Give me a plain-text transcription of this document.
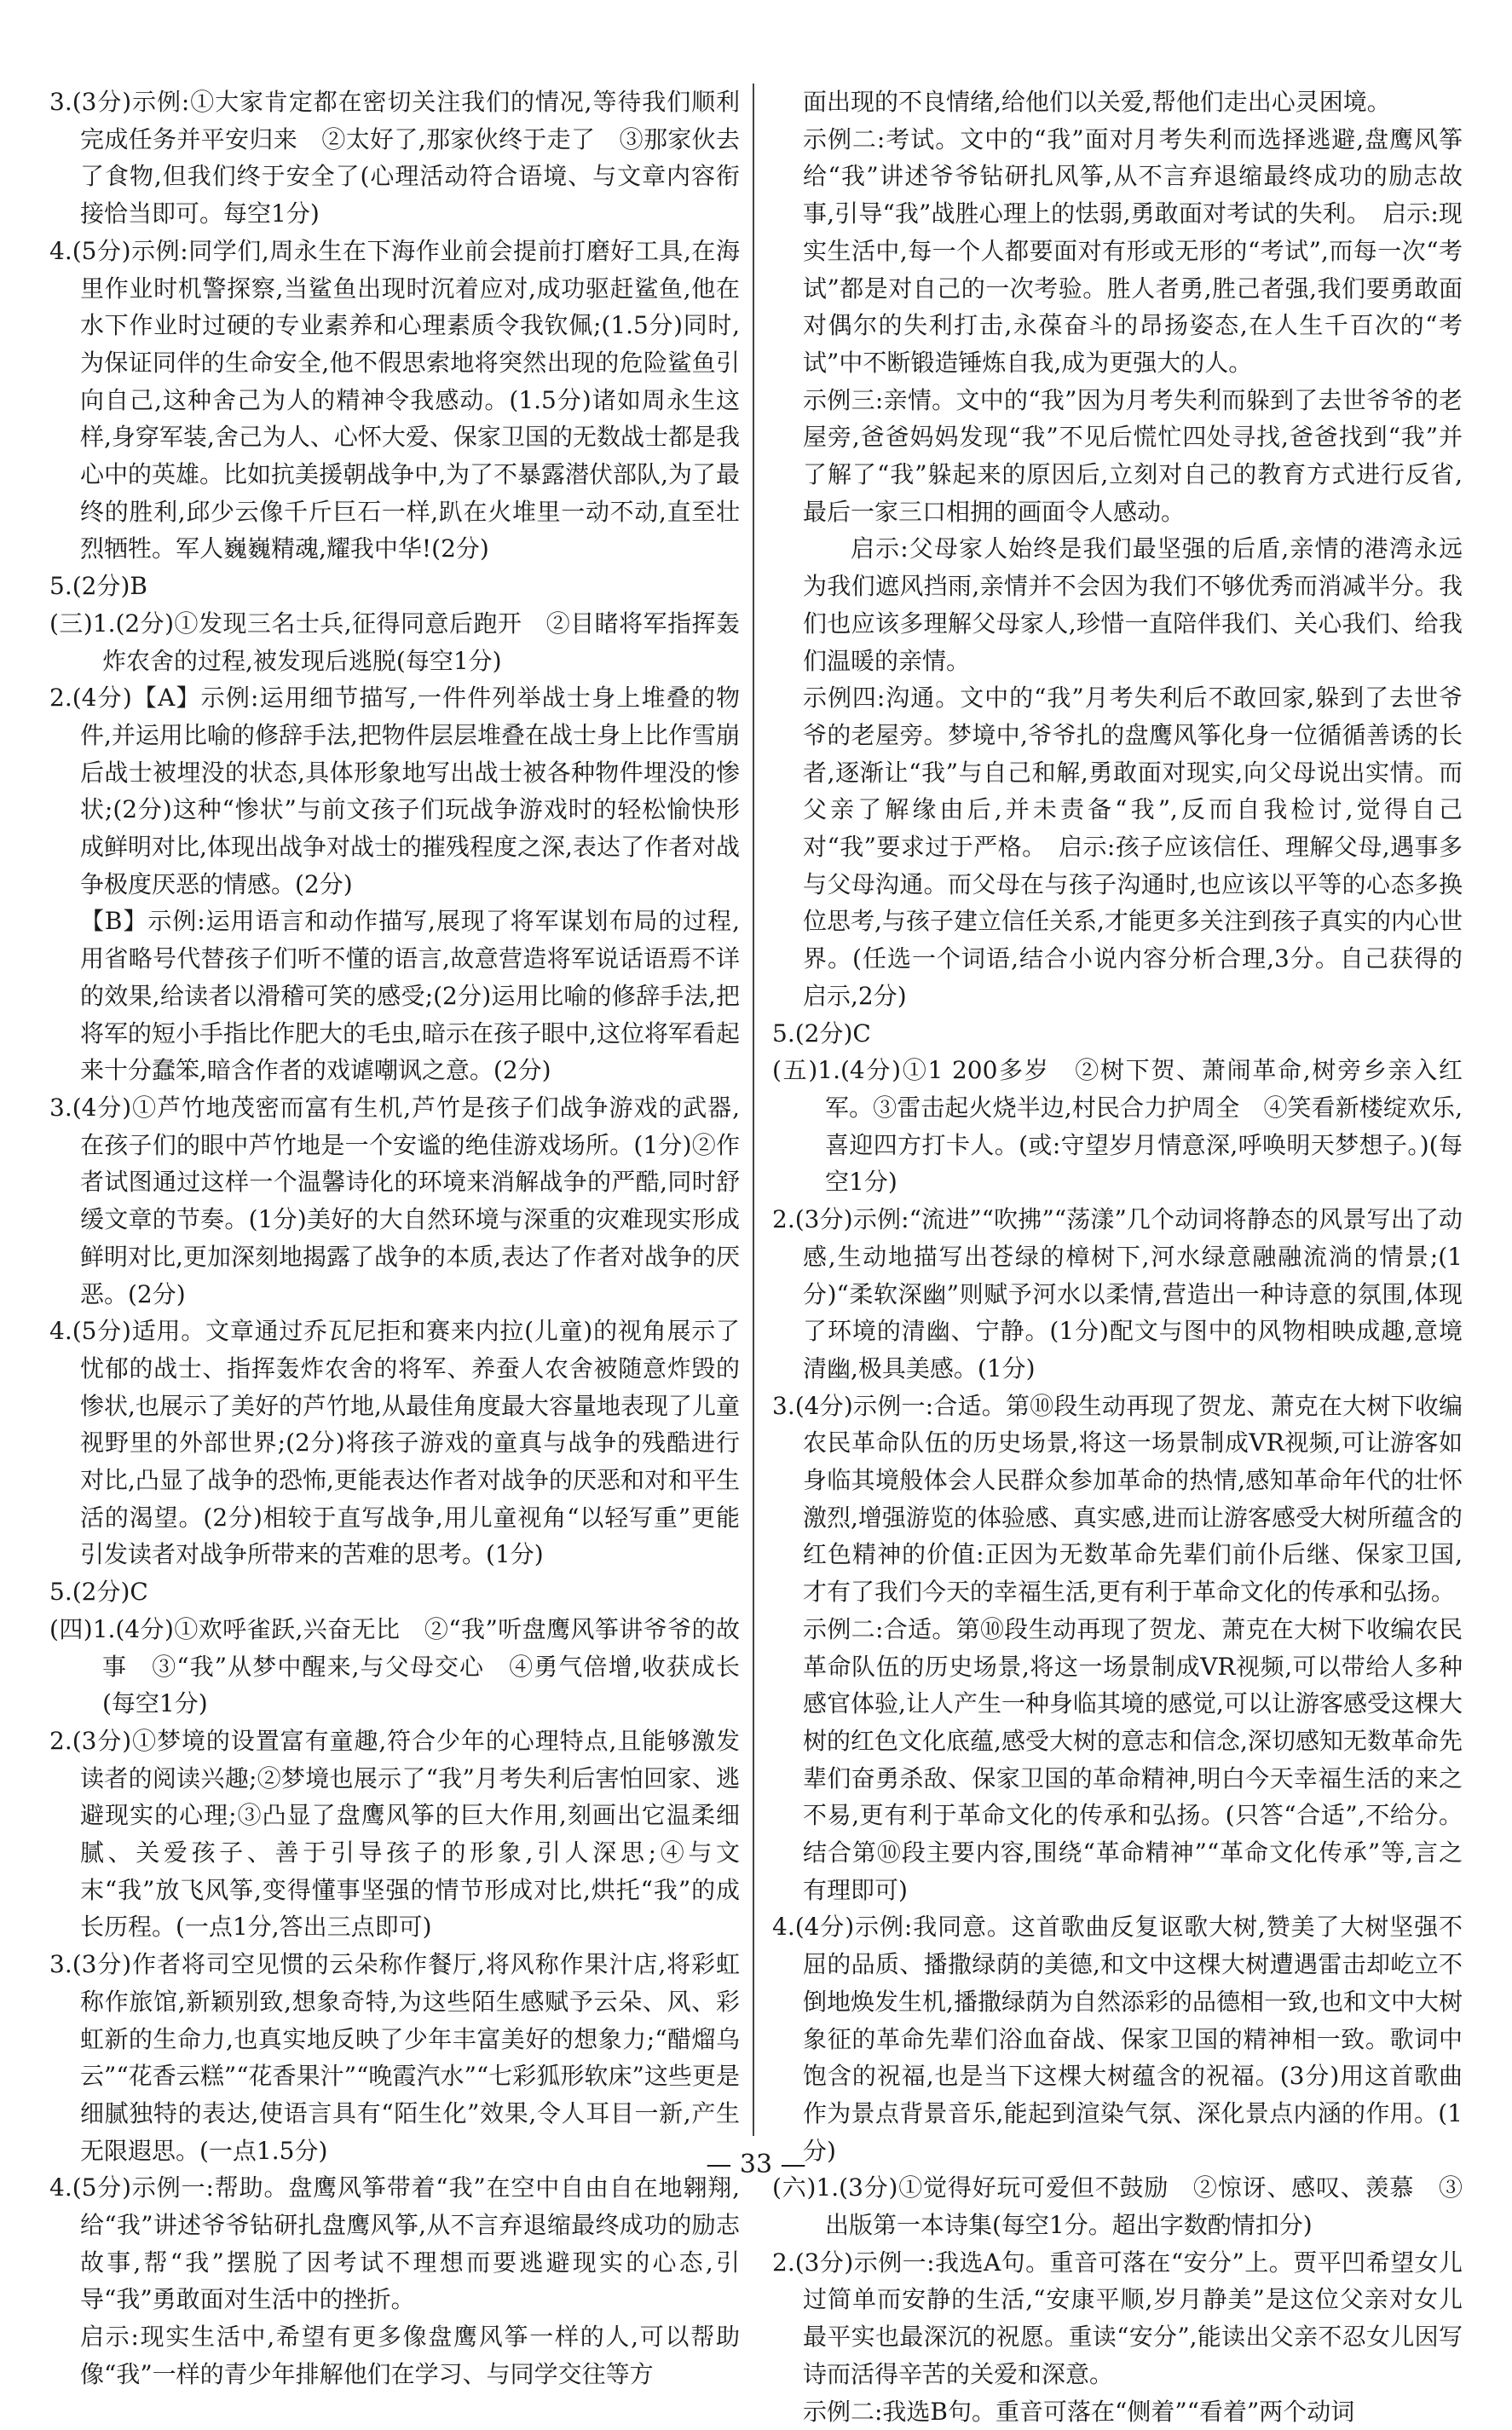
3.(3分)示例:①大家肯定都在密切关注我们的情况,等待我们顺利完成任务并平安归来　②太好了,那家伙终于走了　③那家伙去了食物,但我们终于安全了(心理活动符合语境、与文章内容衔接恰当即可。每空1分)

4.(5分)示例:同学们,周永生在下海作业前会提前打磨好工具,在海里作业时机警探察,当鲨鱼出现时沉着应对,成功驱赶鲨鱼,他在水下作业时过硬的专业素养和心理素质令我钦佩;(1.5分)同时,为保证同伴的生命安全,他不假思索地将突然出现的危险鲨鱼引向自己,这种舍己为人的精神令我感动。(1.5分)诸如周永生这样,身穿军装,舍己为人、心怀大爱、保家卫国的无数战士都是我心中的英雄。比如抗美援朝战争中,为了不暴露潜伏部队,为了最终的胜利,邱少云像千斤巨石一样,趴在火堆里一动不动,直至壮烈牺牲。军人巍巍精魂,耀我中华!(2分)

5.(2分)B

(三)1.(2分)①发现三名士兵,征得同意后跑开　②目睹将军指挥轰炸农舍的过程,被发现后逃脱(每空1分)

2.(4分)【A】示例:运用细节描写,一件件列举战士身上堆叠的物件,并运用比喻的修辞手法,把物件层层堆叠在战士身上比作雪崩后战士被埋没的状态,具体形象地写出战士被各种物件埋没的惨状;(2分)这种“惨状”与前文孩子们玩战争游戏时的轻松愉快形成鲜明对比,体现出战争对战士的摧残程度之深,表达了作者对战争极度厌恶的情感。(2分)

【B】示例:运用语言和动作描写,展现了将军谋划布局的过程,用省略号代替孩子们听不懂的语言,故意营造将军说话语焉不详的效果,给读者以滑稽可笑的感受;(2分)运用比喻的修辞手法,把将军的短小手指比作肥大的毛虫,暗示在孩子眼中,这位将军看起来十分蠢笨,暗含作者的戏谑嘲讽之意。(2分)

3.(4分)①芦竹地茂密而富有生机,芦竹是孩子们战争游戏的武器,在孩子们的眼中芦竹地是一个安谧的绝佳游戏场所。(1分)②作者试图通过这样一个温馨诗化的环境来消解战争的严酷,同时舒缓文章的节奏。(1分)美好的大自然环境与深重的灾难现实形成鲜明对比,更加深刻地揭露了战争的本质,表达了作者对战争的厌恶。(2分)

4.(5分)适用。文章通过乔瓦尼拒和赛来内拉(儿童)的视角展示了忧郁的战士、指挥轰炸农舍的将军、养蚕人农舍被随意炸毁的惨状,也展示了美好的芦竹地,从最佳角度最大容量地表现了儿童视野里的外部世界;(2分)将孩子游戏的童真与战争的残酷进行对比,凸显了战争的恐怖,更能表达作者对战争的厌恶和对和平生活的渴望。(2分)相较于直写战争,用儿童视角“以轻写重”更能引发读者对战争所带来的苦难的思考。(1分)

5.(2分)C

(四)1.(4分)①欢呼雀跃,兴奋无比　②“我”听盘鹰风筝讲爷爷的故事　③“我”从梦中醒来,与父母交心　④勇气倍增,收获成长(每空1分)

2.(3分)①梦境的设置富有童趣,符合少年的心理特点,且能够激发读者的阅读兴趣;②梦境也展示了“我”月考失利后害怕回家、逃避现实的心理;③凸显了盘鹰风筝的巨大作用,刻画出它温柔细腻、关爱孩子、善于引导孩子的形象,引人深思;④与文末“我”放飞风筝,变得懂事坚强的情节形成对比,烘托“我”的成长历程。(一点1分,答出三点即可)

3.(3分)作者将司空见惯的云朵称作餐厅,将风称作果汁店,将彩虹称作旅馆,新颖别致,想象奇特,为这些陌生感赋予云朵、风、彩虹新的生命力,也真实地反映了少年丰富美好的想象力;“醋熘乌云”“花香云糕”“花香果汁”“晚霞汽水”“七彩狐形软床”这些更是细腻独特的表达,使语言具有“陌生化”效果,令人耳目一新,产生无限遐思。(一点1.5分)

4.(5分)示例一:帮助。盘鹰风筝带着“我”在空中自由自在地翱翔,给“我”讲述爷爷钻研扎盘鹰风筝,从不言弃退缩最终成功的励志故事,帮“我”摆脱了因考试不理想而要逃避现实的心态,引导“我”勇敢面对生活中的挫折。

启示:现实生活中,希望有更多像盘鹰风筝一样的人,可以帮助像“我”一样的青少年排解他们在学习、与同学交往等方

面出现的不良情绪,给他们以关爱,帮他们走出心灵困境。

示例二:考试。文中的“我”面对月考失利而选择逃避,盘鹰风筝给“我”讲述爷爷钻研扎风筝,从不言弃退缩最终成功的励志故事,引导“我”战胜心理上的怯弱,勇敢面对考试的失利。　启示:现实生活中,每一个人都要面对有形或无形的“考试”,而每一次“考试”都是对自己的一次考验。胜人者勇,胜己者强,我们要勇敢面对偶尔的失利打击,永葆奋斗的昂扬姿态,在人生千百次的“考试”中不断锻造锤炼自我,成为更强大的人。

示例三:亲情。文中的“我”因为月考失利而躲到了去世爷爷的老屋旁,爸爸妈妈发现“我”不见后慌忙四处寻找,爸爸找到“我”并了解了“我”躲起来的原因后,立刻对自己的教育方式进行反省,最后一家三口相拥的画面令人感动。

启示:父母家人始终是我们最坚强的后盾,亲情的港湾永远为我们遮风挡雨,亲情并不会因为我们不够优秀而消减半分。我们也应该多理解父母家人,珍惜一直陪伴我们、关心我们、给我们温暖的亲情。

示例四:沟通。文中的“我”月考失利后不敢回家,躲到了去世爷爷的老屋旁。梦境中,爷爷扎的盘鹰风筝化身一位循循善诱的长者,逐渐让“我”与自己和解,勇敢面对现实,向父母说出实情。而父亲了解缘由后,并未责备“我”,反而自我检讨,觉得自己对“我”要求过于严格。　启示:孩子应该信任、理解父母,遇事多与父母沟通。而父母在与孩子沟通时,也应该以平等的心态多换位思考,与孩子建立信任关系,才能更多关注到孩子真实的内心世界。(任选一个词语,结合小说内容分析合理,3分。自己获得的启示,2分)

5.(2分)C

(五)1.(4分)①1 200多岁　②树下贺、萧闹革命,树旁乡亲入红军。③雷击起火烧半边,村民合力护周全　④笑看新楼绽欢乐,喜迎四方打卡人。(或:守望岁月情意深,呼唤明天梦想子。)(每空1分)

2.(3分)示例:“流进”“吹拂”“荡漾”几个动词将静态的风景写出了动感,生动地描写出苍绿的樟树下,河水绿意融融流淌的情景;(1分)“柔软深幽”则赋予河水以柔情,营造出一种诗意的氛围,体现了环境的清幽、宁静。(1分)配文与图中的风物相映成趣,意境清幽,极具美感。(1分)

3.(4分)示例一:合适。第⑩段生动再现了贺龙、萧克在大树下收编农民革命队伍的历史场景,将这一场景制成VR视频,可让游客如身临其境般体会人民群众参加革命的热情,感知革命年代的壮怀激烈,增强游览的体验感、真实感,进而让游客感受大树所蕴含的红色精神的价值:正因为无数革命先辈们前仆后继、保家卫国,才有了我们今天的幸福生活,更有利于革命文化的传承和弘扬。

示例二:合适。第⑩段生动再现了贺龙、萧克在大树下收编农民革命队伍的历史场景,将这一场景制成VR视频,可以带给人多种感官体验,让人产生一种身临其境的感觉,可以让游客感受这棵大树的红色文化底蕴,感受大树的意志和信念,深切感知无数革命先辈们奋勇杀敌、保家卫国的革命精神,明白今天幸福生活的来之不易,更有利于革命文化的传承和弘扬。(只答“合适”,不给分。结合第⑩段主要内容,围绕“革命精神”“革命文化传承”等,言之有理即可)

4.(4分)示例:我同意。这首歌曲反复讴歌大树,赞美了大树坚强不屈的品质、播撒绿荫的美德,和文中这棵大树遭遇雷击却屹立不倒地焕发生机,播撒绿荫为自然添彩的品德相一致,也和文中大树象征的革命先辈们浴血奋战、保家卫国的精神相一致。歌词中饱含的祝福,也是当下这棵大树蕴含的祝福。(3分)用这首歌曲作为景点背景音乐,能起到渲染气氛、深化景点内涵的作用。(1分)

(六)1.(3分)①觉得好玩可爱但不鼓励　②惊讶、感叹、羡慕　③出版第一本诗集(每空1分。超出字数酌情扣分)

2.(3分)示例一:我选A句。重音可落在“安分”上。贾平凹希望女儿过简单而安静的生活,“安康平顺,岁月静美”是这位父亲对女儿最平实也最深沉的祝愿。重读“安分”,能读出父亲不忍女儿因写诗而活得辛苦的关爱和深意。

示例二:我选B句。重音可落在“侧着”“看着”两个动词

— 33 —
